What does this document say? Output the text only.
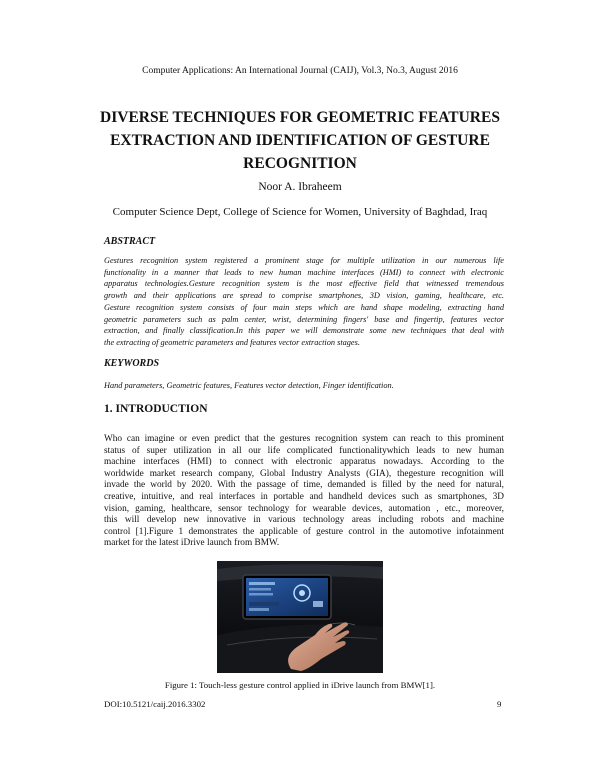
Computer Applications: An International Journal (CAIJ), Vol.3, No.3, August 2016
DIVERSE TECHNIQUES FOR GEOMETRIC FEATURES
EXTRACTION AND IDENTIFICATION OF GESTURE
RECOGNITION
Noor A. Ibraheem
Computer Science Dept, College of Science for Women, University of Baghdad, Iraq
ABSTRACT
Gestures recognition system registered a prominent stage for multiple utilization in our numerous life
functionality in a manner that leads to new human machine interfaces (HMI) to connect with electronic
apparatus technologies.Gesture recognition system is the most effective field that witnessed tremendous
growth and their applications are spread to comprise smartphones, 3D vision, gaming, healthcare, etc.
Gesture recognition system consists of four main steps which are hand shape modeling, extracting hand
geometric parameters such as palm center, wrist, determining fingers' base and fingertip, features vector
extraction, and finally classification.In this paper we will demonstrate some new techniques that deal with
the extracting of geometric parameters and features vector extraction stages.
KEYWORDS
Hand parameters, Geometric features, Features vector detection, Finger identification.
1. INTRODUCTION
Who can imagine or even predict that the gestures recognition system can reach to this prominent
status of super utilization in all our life complicated functionalitywhich leads to new human
machine interfaces (HMI) to connect with electronic apparatus nowadays. According to the
worldwide market research company, Global Industry Analysts (GIA), thegesture recognition will
invade the world by 2020. With the passage of time, demanded is filled by the need for natural,
creative, intuitive, and real interfaces in portable and handheld devices such as smartphones, 3D
vision, gaming, healthcare, sensor technology for wearable devices, automation , etc., moreover,
this will develop new innovative in various technology areas including robots and machine
control [1].Figure 1 demonstrates the applicable of gesture control in the automotive infotainment
market for the latest iDrive launch from BMW.
Figure 1: Touch-less gesture control applied in iDrive launch from BMW[1].
DOI:10.5121/caij.2016.3302	9
